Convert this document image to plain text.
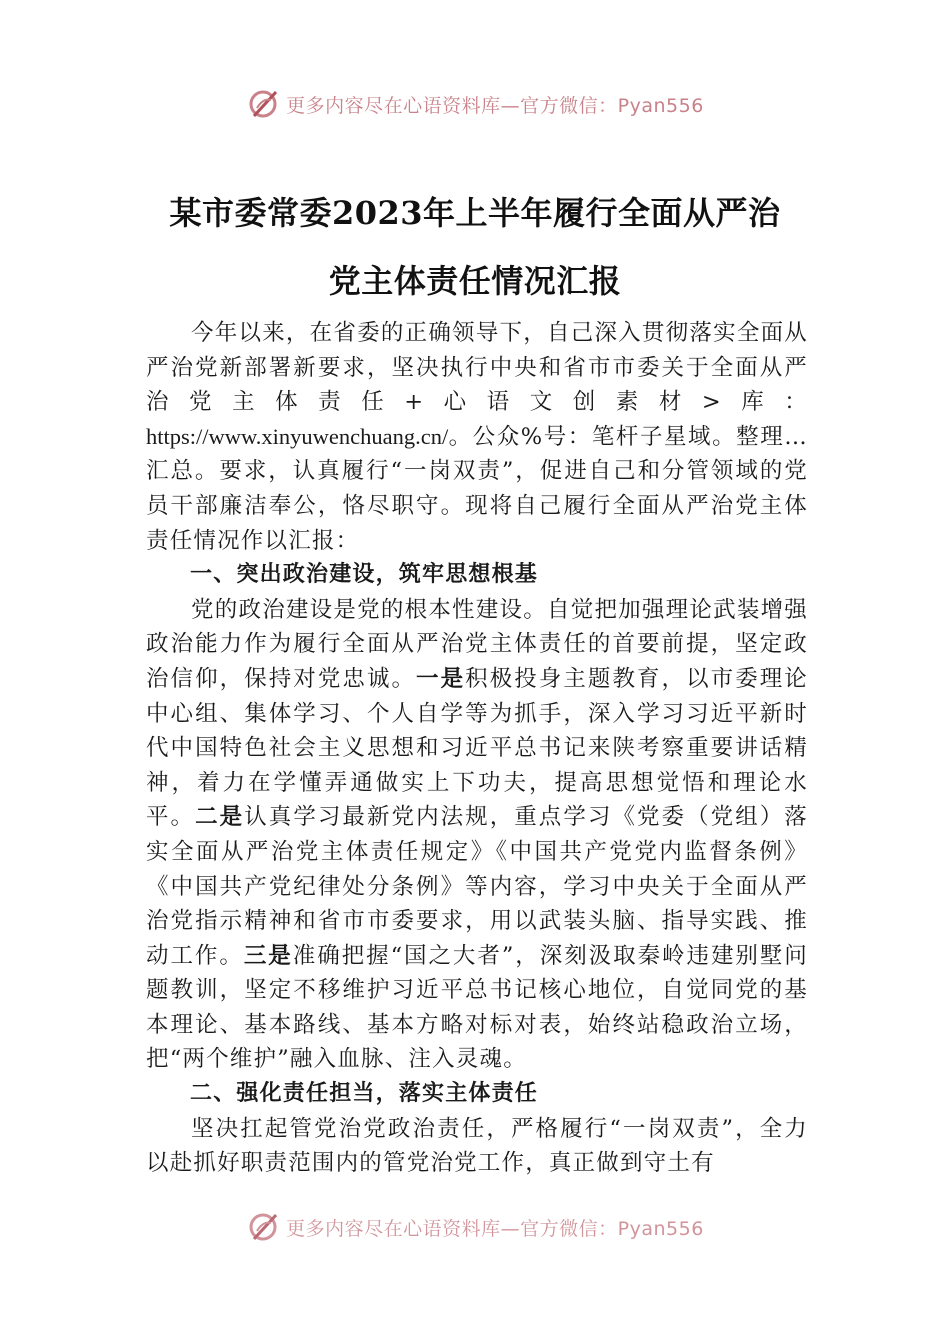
更多内容尽在心语资料库—官方微信：Pyan556
某市委常委2023年上半年履行全面从严治
党主体责任情况汇报

今年以来，在省委的正确领导下，自己深入贯彻落实全面从严治党新部署新要求，坚决执行中央和省市市委关于全面从严治党主体责任+心语文创素材>库： https://www.xinyuwenchuang.cn/。公众%号：笔杆子星域。整理…汇总。要求，认真履行“一岗双责”，促进自己和分管领域的党员干部廉洁奉公，恪尽职守。现将自己履行全面从严治党主体责任情况作以汇报：

一、突出政治建设，筑牢思想根基

党的政治建设是党的根本性建设。自觉把加强理论武装增强政治能力作为履行全面从严治党主体责任的首要前提，坚定政治信仰，保持对党忠诚。一是积极投身主题教育，以市委理论中心组、集体学习、个人自学等为抓手，深入学习习近平新时代中国特色社会主义思想和习近平总书记来陕考察重要讲话精神，着力在学懂弄通做实上下功夫，提高思想觉悟和理论水平。二是认真学习最新党内法规，重点学习《党委（党组）落实全面从严治党主体责任规定》《中国共产党党内监督条例》《中国共产党纪律处分条例》等内容，学习中央关于全面从严治党指示精神和省市市委要求，用以武装头脑、指导实践、推动工作。三是准确把握“国之大者”，深刻汲取秦岭违建别墅问题教训，坚定不移维护习近平总书记核心地位，自觉同党的基本理论、基本路线、基本方略对标对表，始终站稳政治立场，把“两个维护”融入血脉、注入灵魂。

二、强化责任担当，落实主体责任

坚决扛起管党治党政治责任，严格履行“一岗双责”，全力以赴抓好职责范围内的管党治党工作，真正做到守土有

更多内容尽在心语资料库—官方微信：Pyan556
